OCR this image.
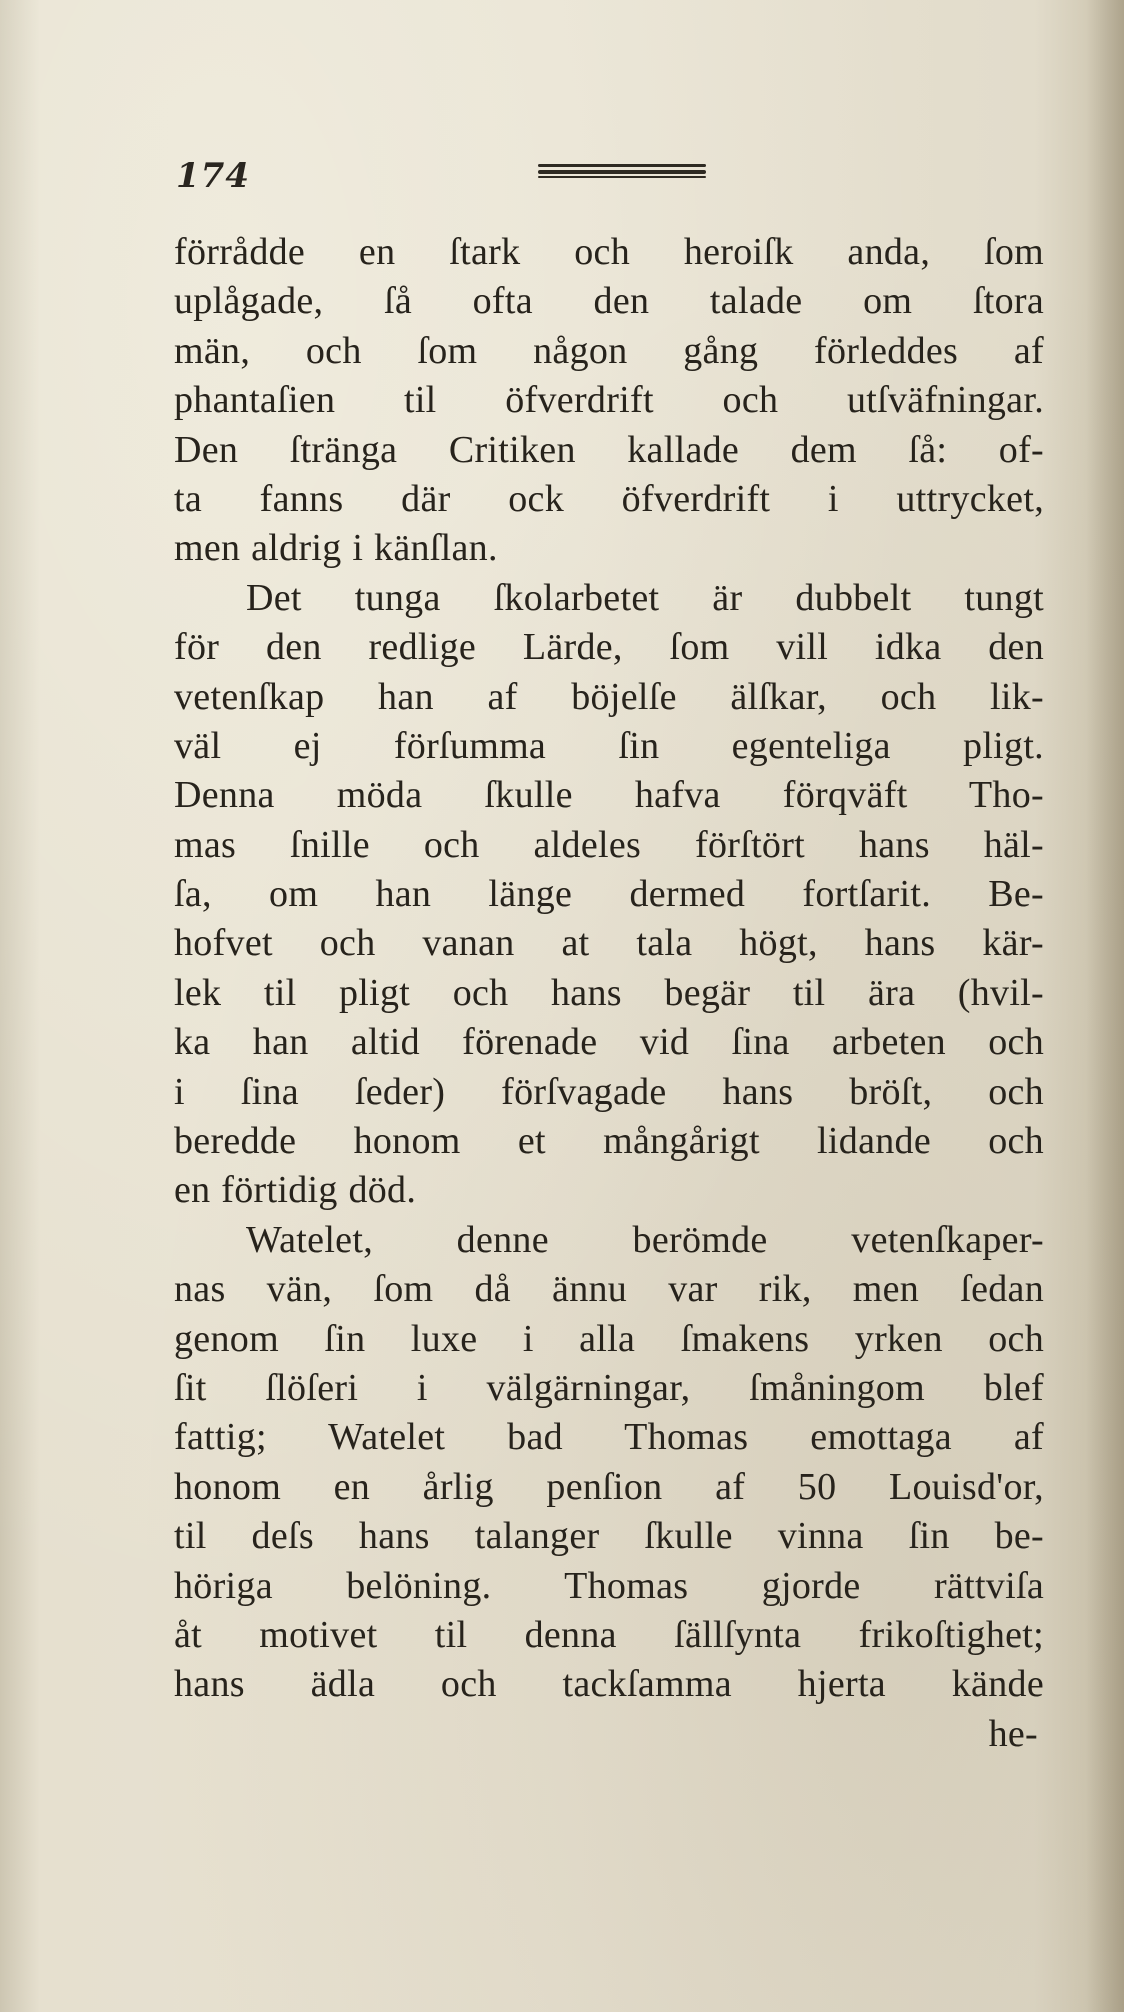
174
förrådde en ſtark och heroiſk anda, ſom
uplågade, ſå ofta den talade om ſtora
män, och ſom någon gång förleddes af
phantaſien til öfverdrift och utſväfningar.
Den ſtränga Critiken kallade dem ſå: of-
ta fanns där ock öfverdrift i uttrycket,
men aldrig i känſlan.
Det tunga ſkolarbetet är dubbelt tungt
för den redlige Lärde, ſom vill idka den
vetenſkap han af böjelſe älſkar, och lik-
väl ej förſumma ſin egenteliga pligt.
Denna möda ſkulle hafva förqväft Tho-
mas ſnille och aldeles förſtört hans häl-
ſa, om han länge dermed fortſarit. Be-
hofvet och vanan at tala högt, hans kär-
lek til pligt och hans begär til ära (hvil-
ka han altid förenade vid ſina arbeten och
i ſina ſeder) förſvagade hans bröſt, och
beredde honom et mångårigt lidande och
en förtidig död.
Watelet, denne berömde vetenſkaper-
nas vän, ſom då ännu var rik, men ſedan
genom ſin luxe i alla ſmakens yrken och
ſit ſlöſeri i välgärningar, ſmåningom blef
fattig; Watelet bad Thomas emottaga af
honom en årlig penſion af 50 Louisd'or,
til deſs hans talanger ſkulle vinna ſin be-
höriga belöning. Thomas gjorde rättviſa
åt motivet til denna ſällſynta frikoſtighet;
hans ädla och tackſamma hjerta kände
he-
